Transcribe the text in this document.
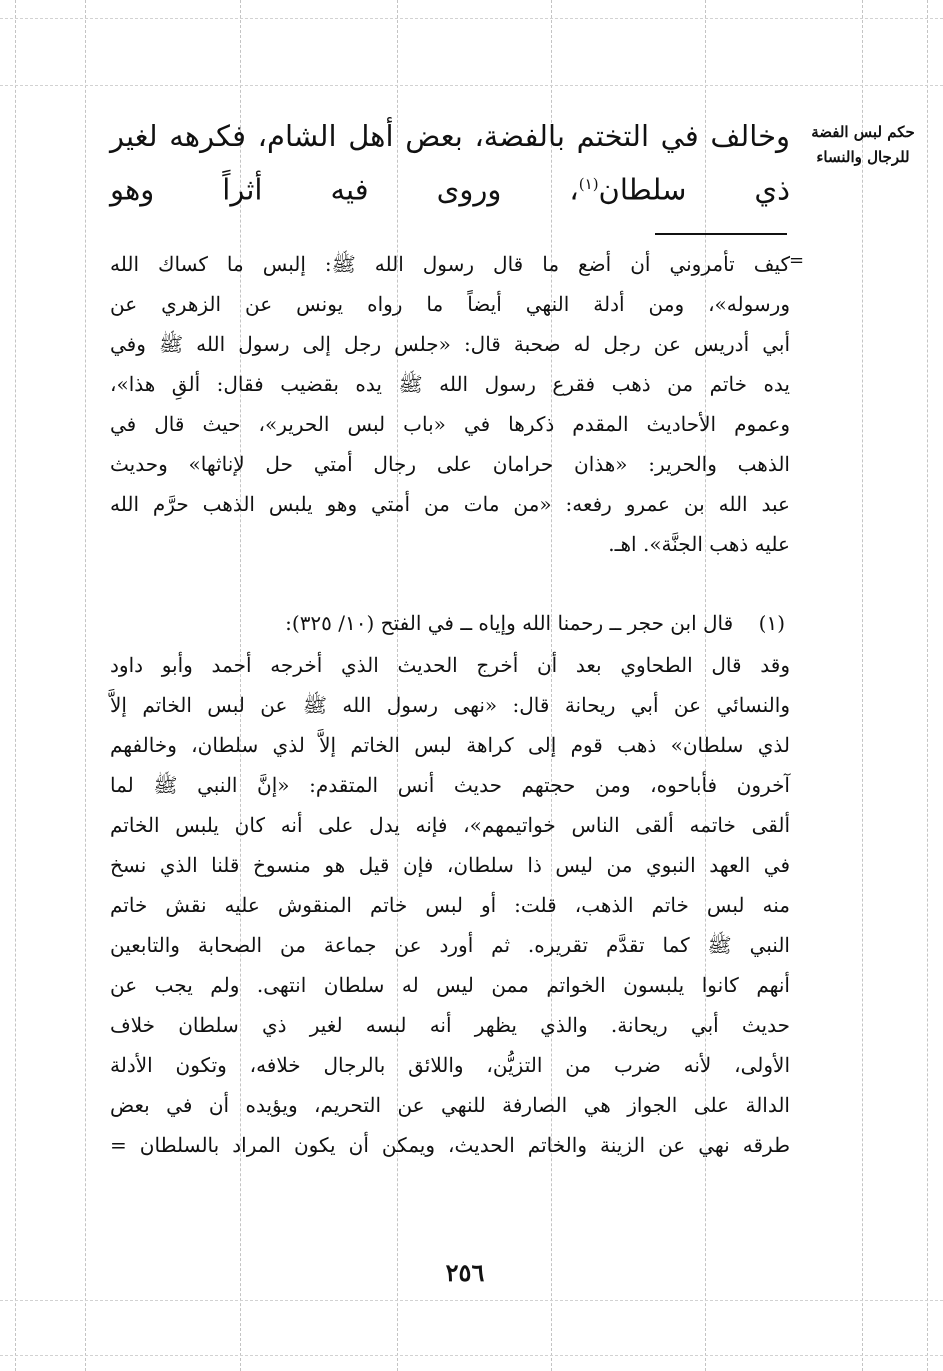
حكم لبس الفضة للرجال والنساء

وخالف في التختم بالفضة، بعض أهل الشام، فكرهه لغير ذي سلطان$^{(١)}$، وروى فيه أثراً وهو

=
كيف تأمروني أن أضع ما قال رسول الله ﷺ: إلبس ما كساك الله
ورسوله»، ومن أدلة النهي أيضاً ما رواه يونس عن الزهري عن
أبي أدريس عن رجل له صحبة قال: «جلس رجل إلى رسول الله ﷺ وفي
يده خاتم من ذهب فقرع رسول الله ﷺ يده بقضيب فقال: ألقِ هذا»،
وعموم الأحاديث المقدم ذكرها في «باب لبس الحرير»، حيث قال في
الذهب والحرير: «هذان حرامان على رجال أمتي حل لإناثها» وحديث
عبد الله بن عمرو رفعه: «من مات من أمتي وهو يلبس الذهب حرَّم الله
عليه ذهب الجنَّة». اهـ.
(١)    قال ابن حجر ــ رحمنا الله وإياه ــ في الفتح (١٠/ ٣٢٥):
وقد قال الطحاوي بعد أن أخرج الحديث الذي أخرجه أحمد وأبو داود
والنسائي عن أبي ريحانة قال: «نهى رسول الله ﷺ عن لبس الخاتم إلاَّ
لذي سلطان» ذهب قوم إلى كراهة لبس الخاتم إلاَّ لذي سلطان، وخالفهم
آخرون فأباحوه، ومن حجتهم حديث أنس المتقدم: «إنَّ النبي ﷺ لما
ألقى خاتمه ألقى الناس خواتيمهم»، فإنه يدل على أنه كان يلبس الخاتم
في العهد النبوي من ليس ذا سلطان، فإن قيل هو منسوخ قلنا الذي نسخ
منه لبس خاتم الذهب، قلت: أو لبس خاتم المنقوش عليه نقش خاتم
النبي ﷺ كما تقدَّم تقريره. ثم أورد عن جماعة من الصحابة والتابعين
أنهم كانوا يلبسون الخواتم ممن ليس له سلطان انتهى. ولم يجب عن
حديث أبي ريحانة. والذي يظهر أنه لبسه لغير ذي سلطان خلاف
الأولى، لأنه ضرب من التزيُّن، واللائق بالرجال خلافه، وتكون الأدلة
الدالة على الجواز هي الصارفة للنهي عن التحريم، ويؤيده أن في بعض
طرقه نهي عن الزينة والخاتم الحديث، ويمكن أن يكون المراد بالسلطان =
٢٥٦
